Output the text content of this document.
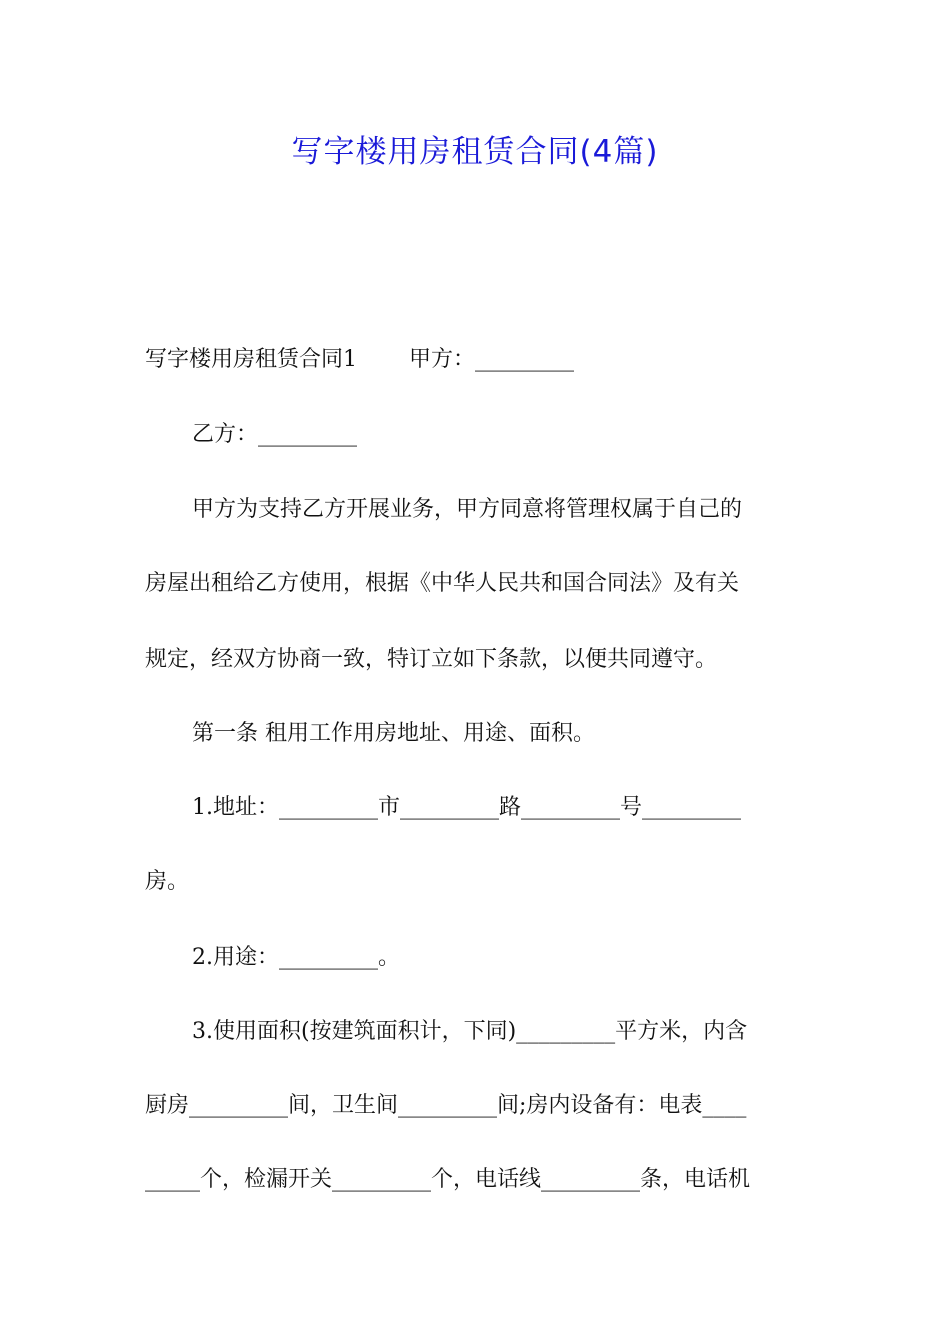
写字楼用房租赁合同(4篇)
写字楼用房租赁合同1 甲方：_________
乙方：_________
甲方为支持乙方开展业务，甲方同意将管理权属于自己的
房屋出租给乙方使用，根据《中华人民共和国合同法》及有关
规定，经双方协商一致，特订立如下条款，以便共同遵守。
第一条 租用工作用房地址、用途、面积。
1.地址：_________市_________路_________号_________
房。
2.用途：_________。
3.使用面积(按建筑面积计，下同)_________平方米，内含
厨房_________间，卫生间_________间;房内设备有：电表____
_____个，检漏开关_________个，电话线_________条，电话机
